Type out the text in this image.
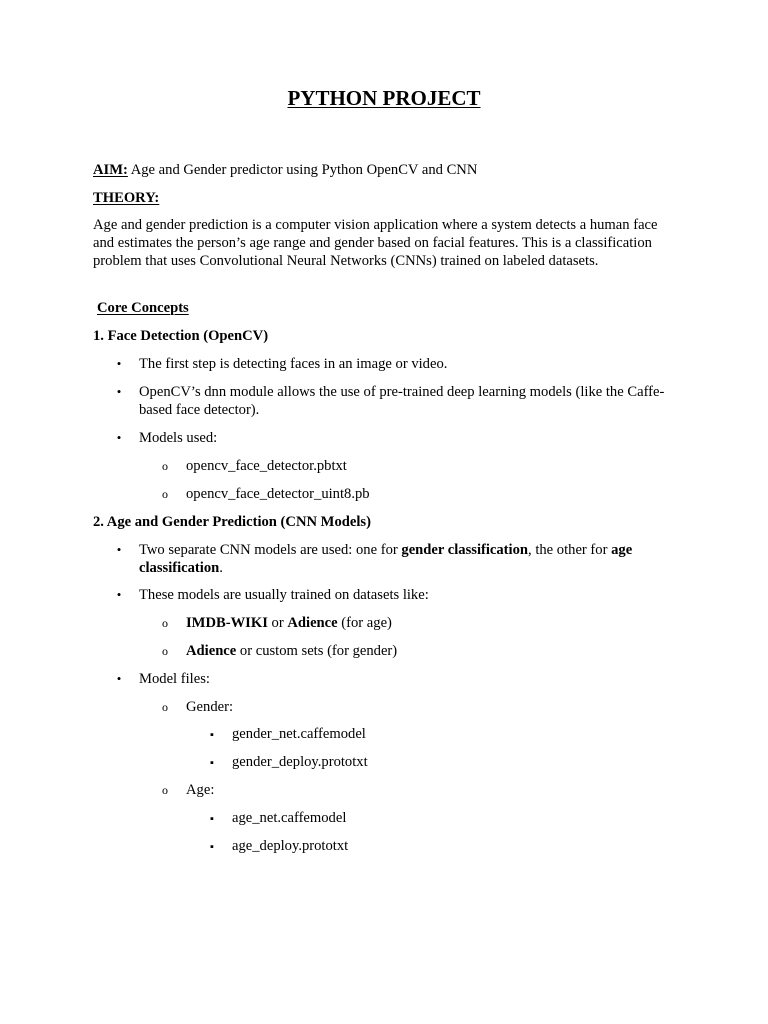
PYTHON PROJECT
AIM: Age and Gender predictor using Python OpenCV and CNN
THEORY:
Age and gender prediction is a computer vision application where a system detects a human face and estimates the person’s age range and gender based on facial features. This is a classification problem that uses Convolutional Neural Networks (CNNs) trained on labeled datasets.
Core Concepts
1. Face Detection (OpenCV)
•
The first step is detecting faces in an image or video.
•
OpenCV’s dnn module allows the use of pre-trained deep learning models (like the Caffe-based face detector).
•
Models used:
o
opencv_face_detector.pbtxt
o
opencv_face_detector_uint8.pb
2. Age and Gender Prediction (CNN Models)
•
Two separate CNN models are used: one for gender classification, the other for age
classification.
•
These models are usually trained on datasets like:
o
IMDB-WIKI or Adience (for age)
o
Adience or custom sets (for gender)
•
Model files:
o
Gender:
▪
gender_net.caffemodel
▪
gender_deploy.prototxt
o
Age:
▪
age_net.caffemodel
▪
age_deploy.prototxt
